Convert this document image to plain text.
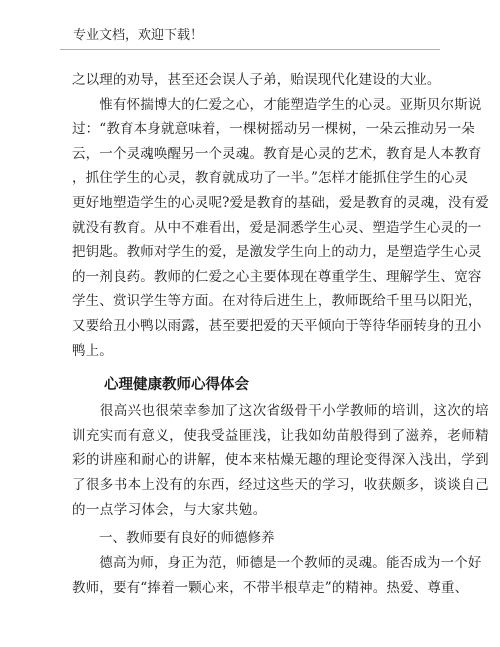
专业文档，欢迎下载！

之以理的劝导，甚至还会误人子弟，贻误现代化建设的大业。

　　惟有怀揣博大的仁爱之心，才能塑造学生的心灵。亚斯贝尔斯说

过：“教育本身就意味着，一棵树摇动另一棵树，一朵云推动另一朵

云，一个灵魂唤醒另一个灵魂。教育是心灵的艺术，教育是人本教育

，抓住学生的心灵，教育就成功了一半。”怎样才能抓住学生的心灵

更好地塑造学生的心灵呢?爱是教育的基础，爱是教育的灵魂，没有爱

就没有教育。从中不难看出，爱是洞悉学生心灵、塑造学生心灵的一

把钥匙。教师对学生的爱，是激发学生向上的动力，是塑造学生心灵

的一剂良药。教师的仁爱之心主要体现在尊重学生、理解学生、宽容

学生、赏识学生等方面。在对待后进生上，教师既给千里马以阳光，

又要给丑小鸭以雨露，甚至要把爱的天平倾向于等待华丽转身的丑小

鸭上。

心理健康教师心得体会

　　很高兴也很荣幸参加了这次省级骨干小学教师的培训，这次的培

训充实而有意义，使我受益匪浅，让我如幼苗般得到了滋养，老师精

彩的讲座和耐心的讲解，使本来枯燥无趣的理论变得深入浅出，学到

了很多书本上没有的东西，经过这些天的学习，收获颇多，谈谈自己

的一点学习体会，与大家共勉。

　　一、教师要有良好的师德修养

　　德高为师，身正为范，师德是一个教师的灵魂。能否成为一个好

教师，要有“捧着一颗心来，不带半根草走”的精神。热爱、尊重、
